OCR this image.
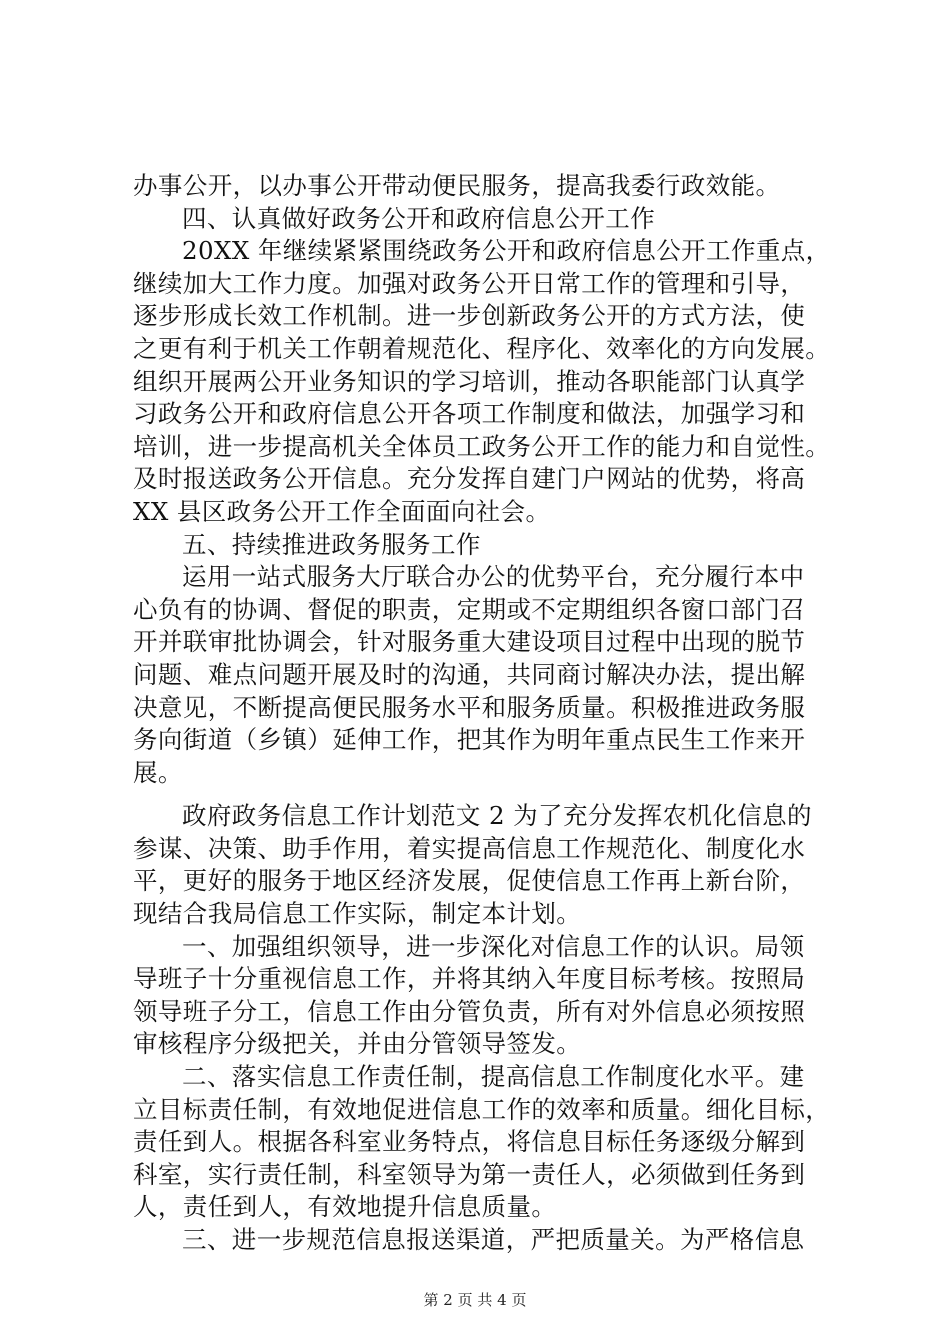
办事公开，以办事公开带动便民服务，提高我委行政效能。
四、认真做好政务公开和政府信息公开工作
20XX 年继续紧紧围绕政务公开和政府信息公开工作重点，
继续加大工作力度。加强对政务公开日常工作的管理和引导，
逐步形成长效工作机制。进一步创新政务公开的方式方法，使
之更有利于机关工作朝着规范化、程序化、效率化的方向发展。
组织开展两公开业务知识的学习培训，推动各职能部门认真学
习政务公开和政府信息公开各项工作制度和做法，加强学习和
培训，进一步提高机关全体员工政务公开工作的能力和自觉性。
及时报送政务公开信息。充分发挥自建门户网站的优势，将高
XX 县区政务公开工作全面面向社会。
五、持续推进政务服务工作
运用一站式服务大厅联合办公的优势平台，充分履行本中
心负有的协调、督促的职责，定期或不定期组织各窗口部门召
开并联审批协调会，针对服务重大建设项目过程中出现的脱节
问题、难点问题开展及时的沟通，共同商讨解决办法，提出解
决意见，不断提高便民服务水平和服务质量。积极推进政务服
务向街道（乡镇）延伸工作，把其作为明年重点民生工作来开
展。
政府政务信息工作计划范文 2 为了充分发挥农机化信息的
参谋、决策、助手作用，着实提高信息工作规范化、制度化水
平，更好的服务于地区经济发展，促使信息工作再上新台阶，
现结合我局信息工作实际，制定本计划。
一、加强组织领导，进一步深化对信息工作的认识。局领
导班子十分重视信息工作，并将其纳入年度目标考核。按照局
领导班子分工，信息工作由分管负责，所有对外信息必须按照
审核程序分级把关，并由分管领导签发。
二、落实信息工作责任制，提高信息工作制度化水平。建
立目标责任制，有效地促进信息工作的效率和质量。细化目标，
责任到人。根据各科室业务特点，将信息目标任务逐级分解到
科室，实行责任制，科室领导为第一责任人，必须做到任务到
人，责任到人，有效地提升信息质量。
三、进一步规范信息报送渠道，严把质量关。为严格信息
第 2 页 共 4 页
